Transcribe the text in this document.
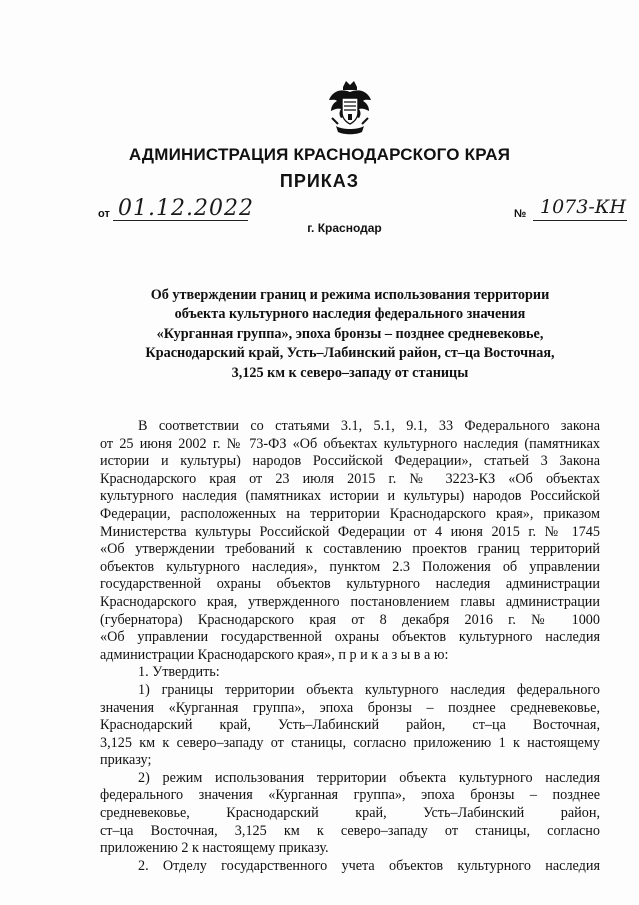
АДМИНИСТРАЦИЯ КРАСНОДАРСКОГО КРАЯ
ПРИКАЗ
от 01.12.2022	№ 1073-КН
г. Краснодар
Об утверждении границ и режима использования территории
объекта культурного наследия федерального значения
«Курганная группа», эпоха бронзы – позднее средневековье,
Краснодарский край, Усть–Лабинский район, ст–ца Восточная,
3,125 км к северо–западу от станицы
В соответствии со статьями 3.1, 5.1, 9.1, 33 Федерального закона
от 25 июня 2002 г. № 73-ФЗ «Об объектах культурного наследия (памятниках
истории и культуры) народов Российской Федерации», статьей 3 Закона
Краснодарского края от 23 июля 2015 г. № 3223-КЗ «Об объектах
культурного наследия (памятниках истории и культуры) народов Российской
Федерации, расположенных на территории Краснодарского края», приказом
Министерства культуры Российской Федерации от 4 июня 2015 г. № 1745
«Об утверждении требований к составлению проектов границ территорий
объектов культурного наследия», пунктом 2.3 Положения об управлении
государственной охраны объектов культурного наследия администрации
Краснодарского края, утвержденного постановлением главы администрации
(губернатора) Краснодарского края от 8 декабря 2016 г. № 1000
«Об управлении государственной охраны объектов культурного наследия
администрации Краснодарского края», п р и к а з ы в а ю:
1. Утвердить:
1) границы территории объекта культурного наследия федерального
значения «Курганная группа», эпоха бронзы – позднее средневековье,
Краснодарский край, Усть–Лабинский район, ст–ца Восточная,
3,125 км к северо–западу от станицы, согласно приложению 1 к настоящему
приказу;
2) режим использования территории объекта культурного наследия
федерального значения «Курганная группа», эпоха бронзы – позднее
средневековье, Краснодарский край, Усть–Лабинский район,
ст–ца Восточная, 3,125 км к северо–западу от станицы, согласно
приложению 2 к настоящему приказу.
2. Отделу государственного учета объектов культурного наследия
